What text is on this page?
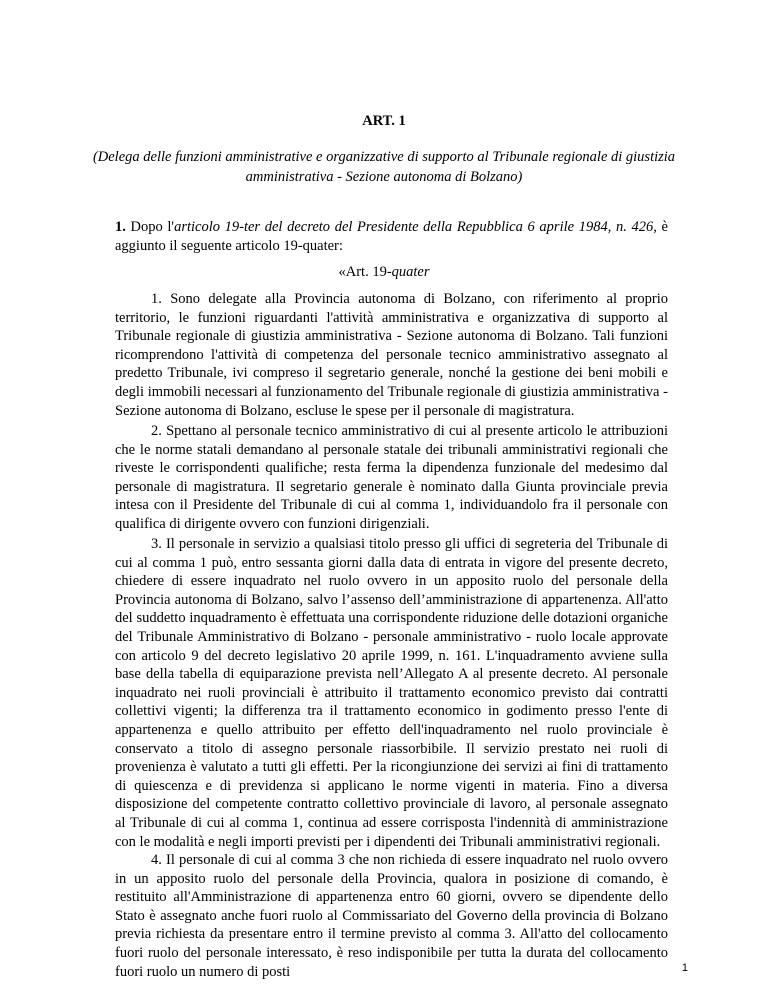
ART. 1
(Delega delle funzioni amministrative e organizzative di supporto al Tribunale regionale di giustizia amministrativa - Sezione autonoma di Bolzano)
1. Dopo l'articolo 19-ter del decreto del Presidente della Repubblica 6 aprile 1984, n. 426, è aggiunto il seguente articolo 19-quater:
«Art. 19-quater

1. Sono delegate alla Provincia autonoma di Bolzano, con riferimento al proprio territorio, le funzioni riguardanti l'attività amministrativa e organizzativa di supporto al Tribunale regionale di giustizia amministrativa - Sezione autonoma di Bolzano. Tali funzioni ricomprendono l'attività di competenza del personale tecnico amministrativo assegnato al predetto Tribunale, ivi compreso il segretario generale, nonché la gestione dei beni mobili e degli immobili necessari al funzionamento del Tribunale regionale di giustizia amministrativa - Sezione autonoma di Bolzano, escluse le spese per il personale di magistratura.

2. Spettano al personale tecnico amministrativo di cui al presente articolo le attribuzioni che le norme statali demandano al personale statale dei tribunali amministrativi regionali che riveste le corrispondenti qualifiche; resta ferma la dipendenza funzionale del medesimo dal personale di magistratura. Il segretario generale è nominato dalla Giunta provinciale previa intesa con il Presidente del Tribunale di cui al comma 1, individuandolo fra il personale con qualifica di dirigente ovvero con funzioni dirigenziali.

3. Il personale in servizio a qualsiasi titolo presso gli uffici di segreteria del Tribunale di cui al comma 1 può, entro sessanta giorni dalla data di entrata in vigore del presente decreto, chiedere di essere inquadrato nel ruolo ovvero in un apposito ruolo del personale della Provincia autonoma di Bolzano, salvo l’assenso dell’amministrazione di appartenenza. All'atto del suddetto inquadramento è effettuata una corrispondente riduzione delle dotazioni organiche del Tribunale Amministrativo di Bolzano - personale amministrativo - ruolo locale approvate con articolo 9 del decreto legislativo 20 aprile 1999, n. 161. L'inquadramento avviene sulla base della tabella di equiparazione prevista nell’Allegato A al presente decreto. Al personale inquadrato nei ruoli provinciali è attribuito il trattamento economico previsto dai contratti collettivi vigenti; la differenza tra il trattamento economico in godimento presso l'ente di appartenenza e quello attribuito per effetto dell'inquadramento nel ruolo provinciale è conservato a titolo di assegno personale riassorbibile. Il servizio prestato nei ruoli di provenienza è valutato a tutti gli effetti. Per la ricongiunzione dei servizi ai fini di trattamento di quiescenza e di previdenza si applicano le norme vigenti in materia. Fino a diversa disposizione del competente contratto collettivo provinciale di lavoro, al personale assegnato al Tribunale di cui al comma 1, continua ad essere corrisposta l'indennità di amministrazione con le modalità e negli importi previsti per i dipendenti dei Tribunali amministrativi regionali.

4. Il personale di cui al comma 3 che non richieda di essere inquadrato nel ruolo ovvero in un apposito ruolo del personale della Provincia, qualora in posizione di comando, è restituito all'Amministrazione di appartenenza entro 60 giorni, ovvero se dipendente dello Stato è assegnato anche fuori ruolo al Commissariato del Governo della provincia di Bolzano previa richiesta da presentare entro il termine previsto al comma 3. All'atto del collocamento fuori ruolo del personale interessato, è reso indisponibile per tutta la durata del collocamento fuori ruolo un numero di posti	1
